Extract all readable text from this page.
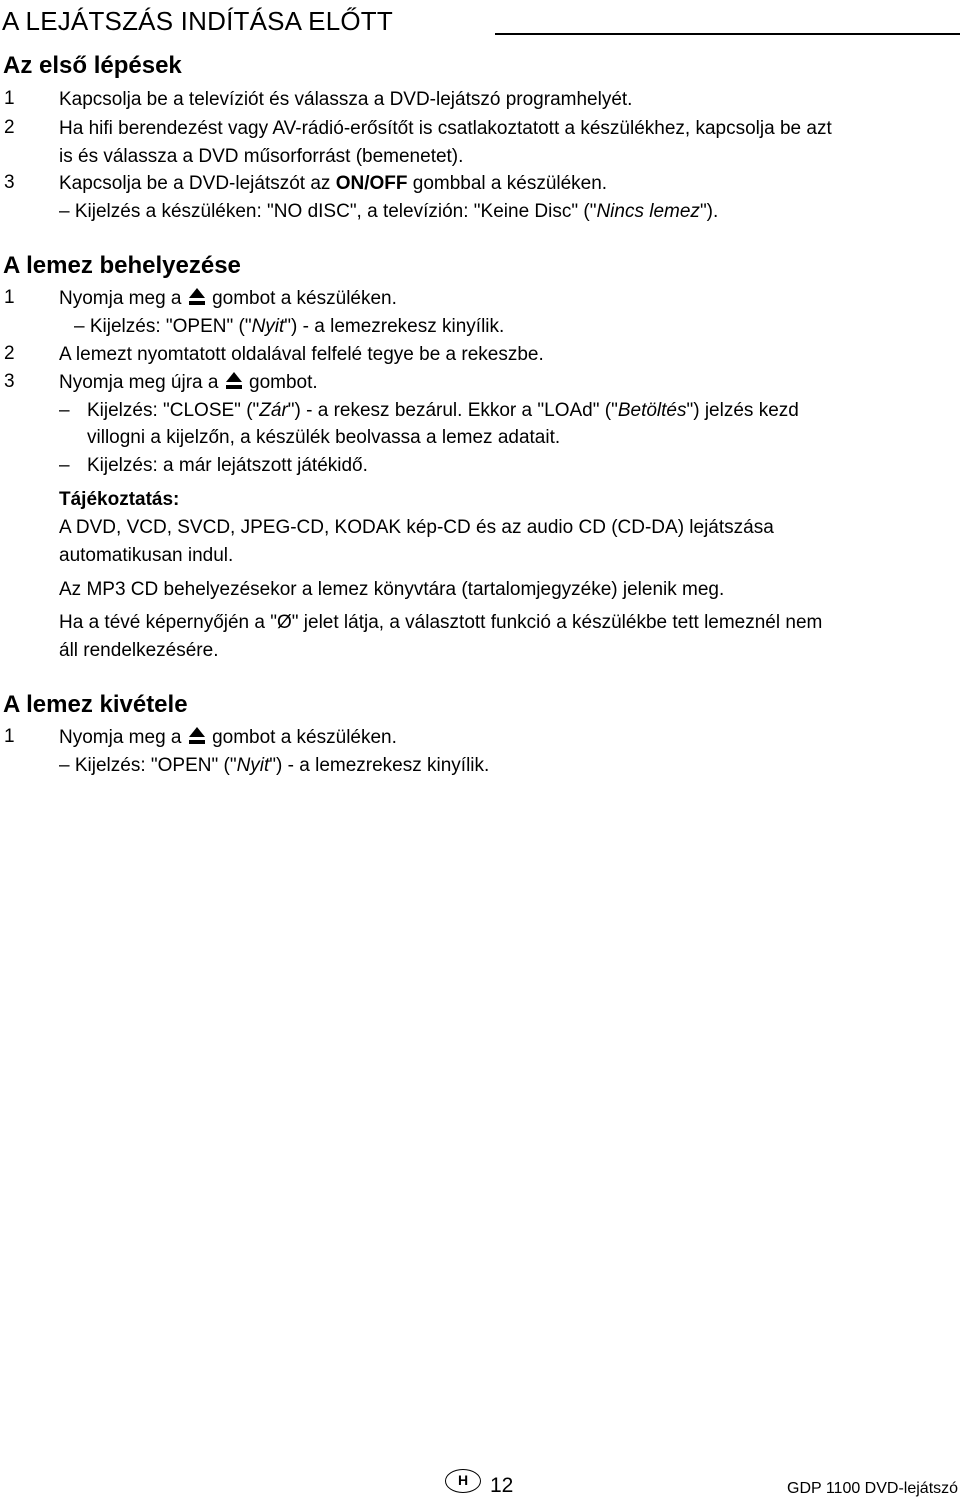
A LEJÁTSZÁS INDÍTÁSA ELŐTT
Az első lépések
1 Kapcsolja be a televíziót és válassza a DVD-lejátszó programhelyét.
2 Ha hifi berendezést vagy AV-rádió-erősítőt is csatlakoztatott a készülékhez, kapcsolja be azt
is és válassza a DVD műsorforrást (bemenetet).
3 Kapcsolja be a DVD-lejátszót az ON/OFF gombbal a készüléken.
– Kijelzés a készüléken: "NO dISC", a televízión: "Keine Disc" ("Nincs lemez").
A lemez behelyezése
1 Nyomja meg a gombot a készüléken.
– Kijelzés: "OPEN" ("Nyit") - a lemezrekesz kinyílik.
2 A lemezt nyomtatott oldalával felfelé tegye be a rekeszbe.
3 Nyomja meg újra a gombot.
– Kijelzés: "CLOSE" ("Zár") - a rekesz bezárul. Ekkor a "LOAd" ("Betöltés") jelzés kezd
villogni a kijelzőn, a készülék beolvassa a lemez adatait.
– Kijelzés: a már lejátszott játékidő.
Tájékoztatás:
A DVD, VCD, SVCD, JPEG-CD, KODAK kép-CD és az audio CD (CD-DA) lejátszása
automatikusan indul.
Az MP3 CD behelyezésekor a lemez könyvtára (tartalomjegyzéke) jelenik meg.
Ha a tévé képernyőjén a "Ø" jelet látja, a választott funkció a készülékbe tett lemeznél nem
áll rendelkezésére.
A lemez kivétele
1 Nyomja meg a gombot a készüléken.
– Kijelzés: "OPEN" ("Nyit") - a lemezrekesz kinyílik.
H	12	GDP 1100 DVD-lejátszó
